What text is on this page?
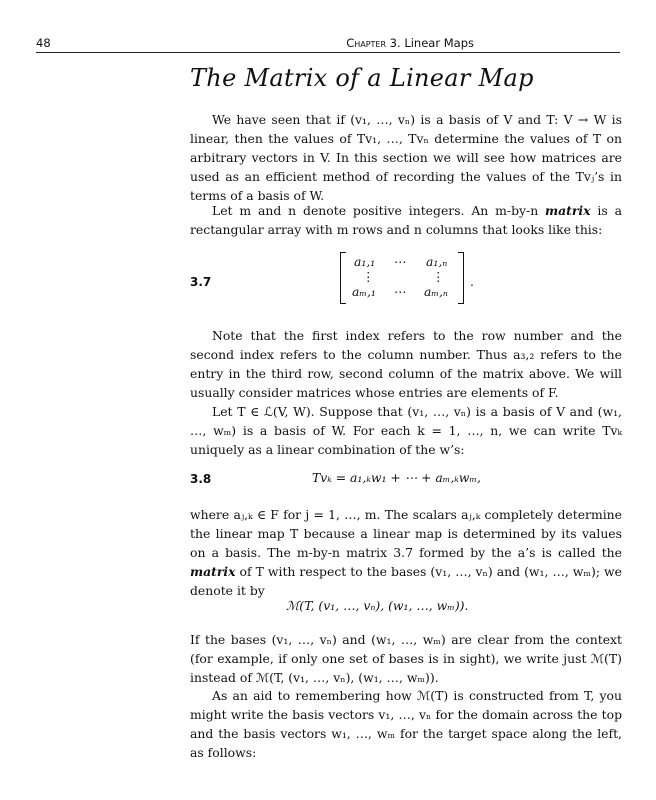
48	Chapter 3. Linear Maps
The Matrix of a Linear Map
We have seen that if (v₁, …, vₙ) is a basis of V and T: V → W is linear, then the values of Tv₁, …, Tvₙ determine the values of T on arbitrary vectors in V. In this section we will see how matrices are used as an efficient method of recording the values of the Tvⱼ’s in terms of a basis of W.
Let m and n denote positive integers. An m-by-n matrix is a rectangular array with m rows and n columns that looks like this:
3.7
a₁,₁ ⋯ a₁,ₙ
⋮	⋮
aₘ,₁ ⋯ aₘ,ₙ
.
Note that the first index refers to the row number and the second index refers to the column number. Thus a₃,₂ refers to the entry in the third row, second column of the matrix above. We will usually consider matrices whose entries are elements of F.
Let T ∈ ℒ(V, W). Suppose that (v₁, …, vₙ) is a basis of V and (w₁, …, wₘ) is a basis of W. For each k = 1, …, n, we can write Tvₖ uniquely as a linear combination of the w’s:
3.8	Tvₖ = a₁,ₖw₁ + ⋯ + aₘ,ₖwₘ,
where aⱼ,ₖ ∈ F for j = 1, …, m. The scalars aⱼ,ₖ completely determine the linear map T because a linear map is determined by its values on a basis. The m-by-n matrix 3.7 formed by the a’s is called the matrix of T with respect to the bases (v₁, …, vₙ) and (w₁, …, wₘ); we denote it by
ℳ(T, (v₁, …, vₙ), (w₁, …, wₘ)).
If the bases (v₁, …, vₙ) and (w₁, …, wₘ) are clear from the context (for example, if only one set of bases is in sight), we write just ℳ(T) instead of ℳ(T, (v₁, …, vₙ), (w₁, …, wₘ)).
As an aid to remembering how ℳ(T) is constructed from T, you might write the basis vectors v₁, …, vₙ for the domain across the top and the basis vectors w₁, …, wₘ for the target space along the left, as follows:
